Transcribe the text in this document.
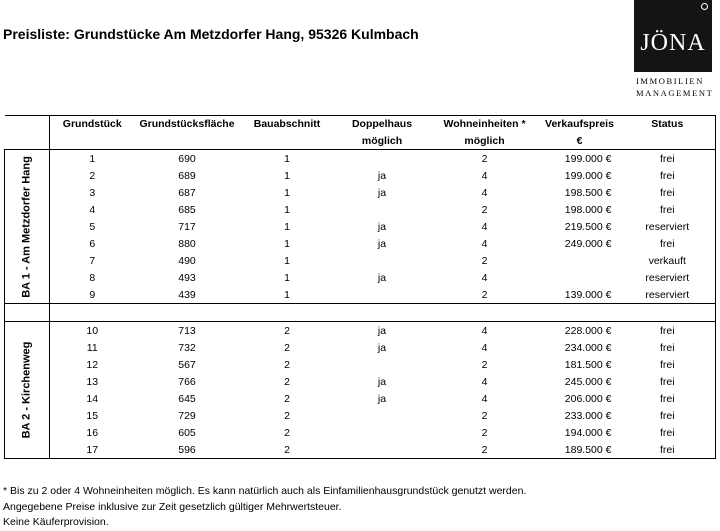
Preisliste: Grundstücke Am Metzdorfer Hang, 95326 Kulmbach	JÖNA
IMMOBILIEN
MANAGEMENT
	Grundstück	Grundstücksfläche	Bauabschnitt	Doppelhaus	Wohneinheiten *	Verkaufspreis	Status
				möglich	möglich	€	

BA 1 - Am Metzdorfer Hang	1	690	1		2	199.000 €	frei
	2	689	1	ja	4	199.000 €	frei
	3	687	1	ja	4	198.500 €	frei
	4	685	1		2	198.000 €	frei
	5	717	1	ja	4	219.500 €	reserviert
	6	880	1	ja	4	249.000 €	frei
	7	490	1		2		verkauft
	8	493	1	ja	4		reserviert
	9	439	1		2	139.000 €	reserviert

BA 2 - Kirchenweg	10	713	2	ja	4	228.000 €	frei
	11	732	2	ja	4	234.000 €	frei
	12	567	2		2	181.500 €	frei
	13	766	2	ja	4	245.000 €	frei
	14	645	2	ja	4	206.000 €	frei
	15	729	2		2	233.000 €	frei
	16	605	2		2	194.000 €	frei
	17	596	2		2	189.500 €	frei
* Bis zu 2 oder 4 Wohneinheiten möglich. Es kann natürlich auch als Einfamilienhausgrundstück genutzt werden.
Angegebene Preise inklusive zur Zeit gesetzlich gültiger Mehrwertsteuer.
Keine Käuferprovision.
